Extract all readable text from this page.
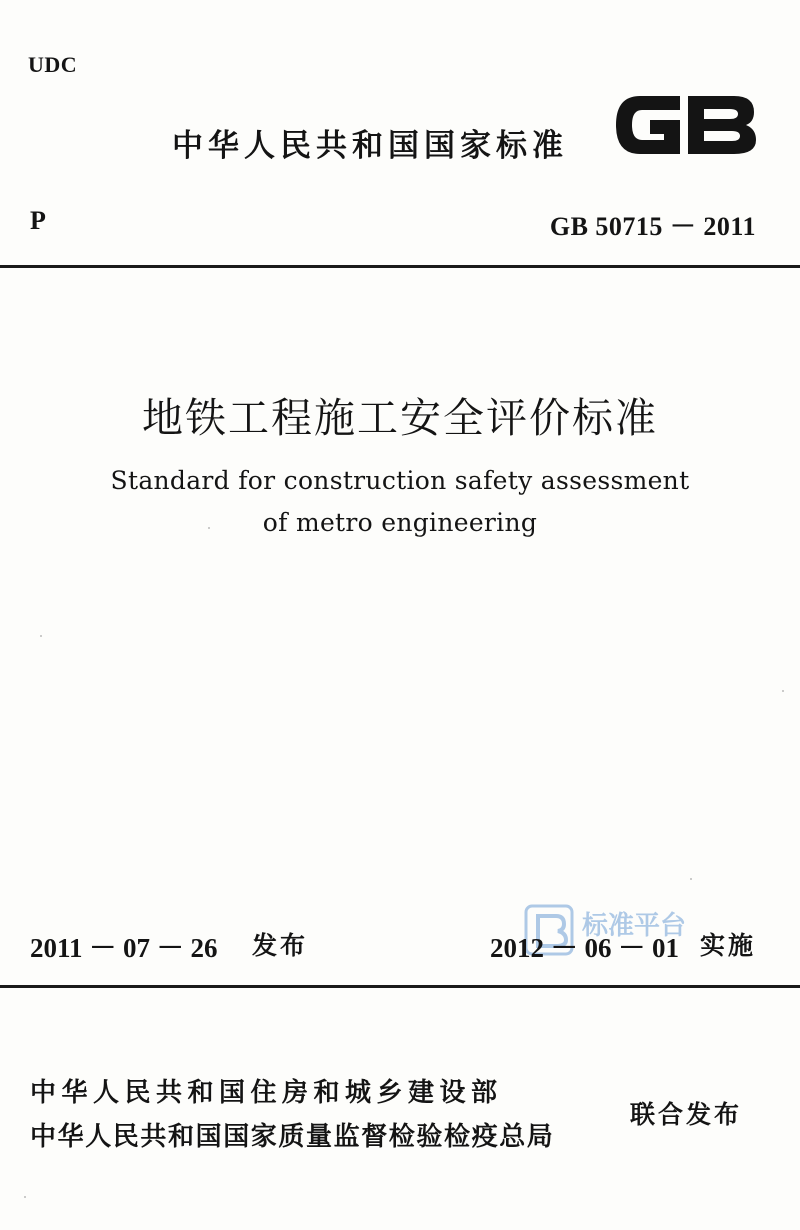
UDC
中华人民共和国国家标准
P	GB 50715 － 2011
地铁工程施工安全评价标准
Standard for construction safety assessment
of metro engineering
2011 － 07 － 26 发布
标准平台
2012 － 06 － 01 实施
中华人民共和国住房和城乡建设部
中华人民共和国国家质量监督检验检疫总局
联合发布
